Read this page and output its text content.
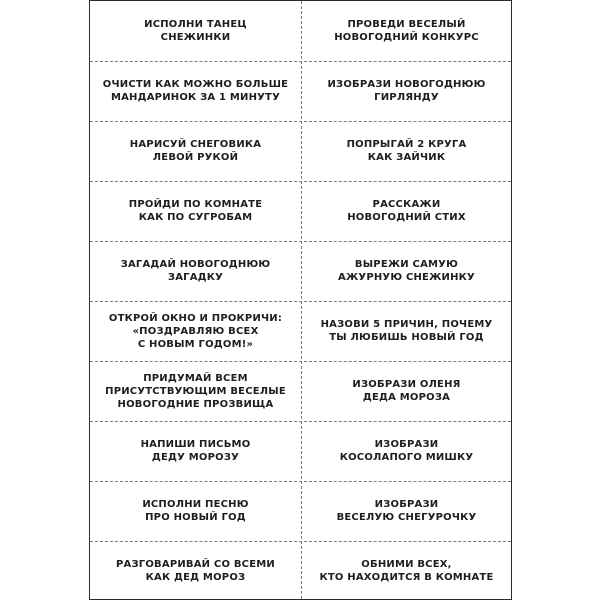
ИСПОЛНИ ТАНЕЦ
СНЕЖИНКИ
ПРОВЕДИ ВЕСЕЛЫЙ
НОВОГОДНИЙ КОНКУРС
ОЧИСТИ КАК МОЖНО БОЛЬШЕ
МАНДАРИНОК ЗА 1 МИНУТУ
ИЗОБРАЗИ НОВОГОДНЮЮ
ГИРЛЯНДУ
НАРИСУЙ СНЕГОВИКА
ЛЕВОЙ РУКОЙ
ПОПРЫГАЙ 2 КРУГА
КАК ЗАЙЧИК
ПРОЙДИ ПО КОМНАТЕ
КАК ПО СУГРОБАМ
РАССКАЖИ
НОВОГОДНИЙ СТИХ
ЗАГАДАЙ НОВОГОДНЮЮ
ЗАГАДКУ
ВЫРЕЖИ САМУЮ
АЖУРНУЮ СНЕЖИНКУ
ОТКРОЙ ОКНО И ПРОКРИЧИ:
«ПОЗДРАВЛЯЮ ВСЕХ
С НОВЫМ ГОДОМ!»
НАЗОВИ 5 ПРИЧИН, ПОЧЕМУ
ТЫ ЛЮБИШЬ НОВЫЙ ГОД
ПРИДУМАЙ ВСЕМ
ПРИСУТСТВУЮЩИМ ВЕСЕЛЫЕ
НОВОГОДНИЕ ПРОЗВИЩА
ИЗОБРАЗИ ОЛЕНЯ
ДЕДА МОРОЗА
НАПИШИ ПИСЬМО
ДЕДУ МОРОЗУ
ИЗОБРАЗИ
КОСОЛАПОГО МИШКУ
ИСПОЛНИ ПЕСНЮ
ПРО НОВЫЙ ГОД
ИЗОБРАЗИ
ВЕСЕЛУЮ СНЕГУРОЧКУ
РАЗГОВАРИВАЙ СО ВСЕМИ
КАК ДЕД МОРОЗ
ОБНИМИ ВСЕХ,
КТО НАХОДИТСЯ В КОМНАТЕ
